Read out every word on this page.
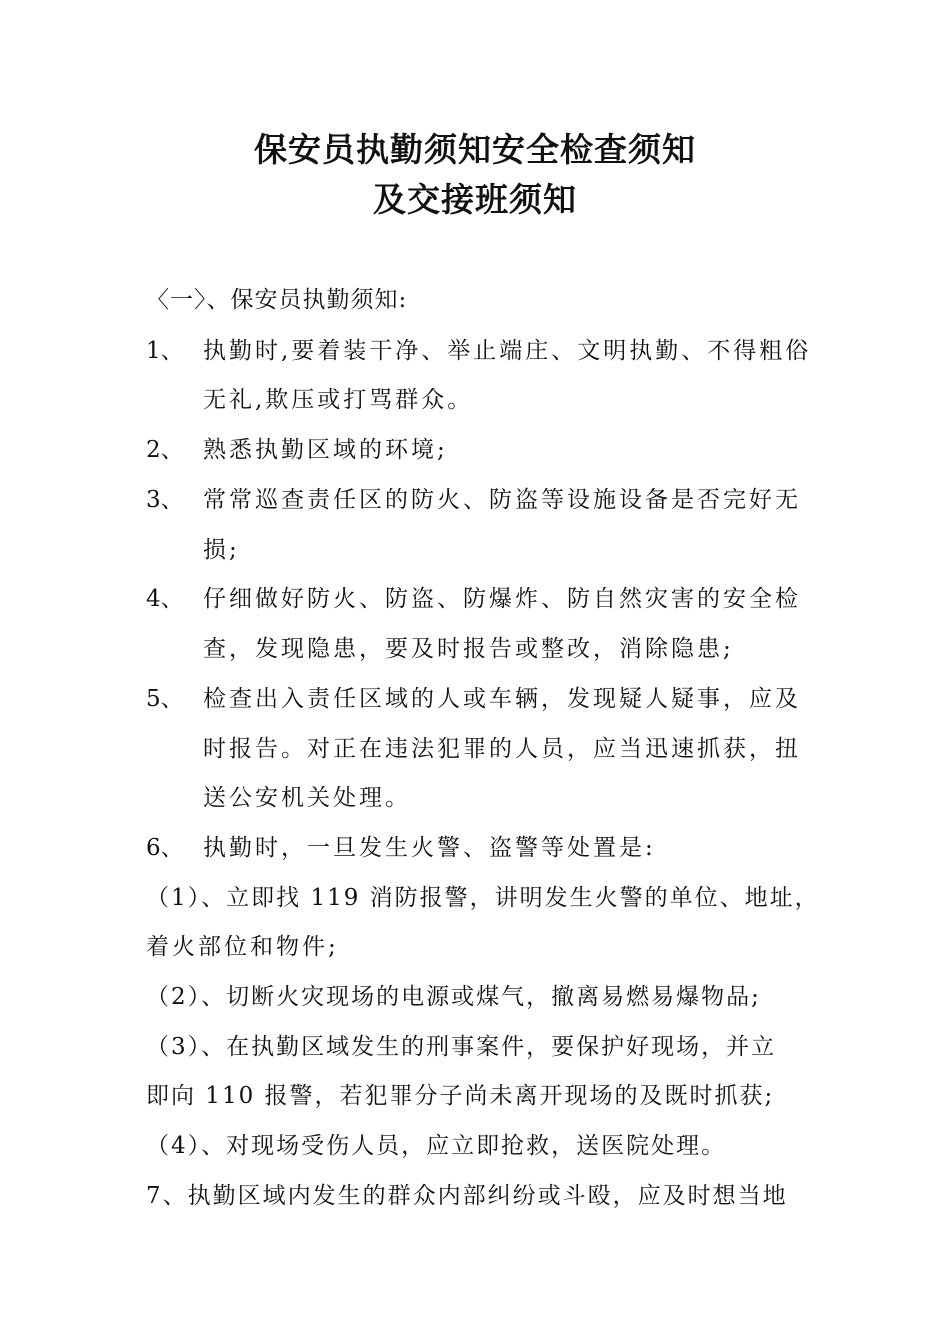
保安员执勤须知安全检查须知
及交接班须知
〈一〉、保安员执勤须知:
1、 执勤时,要着装干净、举止端庄、文明执勤、不得粗俗
无礼,欺压或打骂群众。
2、 熟悉执勤区域的环境;
3、 常常巡查责任区的防火、防盗等设施设备是否完好无
损;
4、 仔细做好防火、防盗、防爆炸、防自然灾害的安全检
查，发现隐患，要及时报告或整改，消除隐患;
5、 检查出入责任区域的人或车辆，发现疑人疑事，应及
时报告。对正在违法犯罪的人员，应当迅速抓获，扭
送公安机关处理。
6、 执勤时，一旦发生火警、盗警等处置是:
（1）、立即找 119 消防报警，讲明发生火警的单位、地址，
着火部位和物件;
（2）、切断火灾现场的电源或煤气，撤离易燃易爆物品;
（3）、在执勤区域发生的刑事案件，要保护好现场，并立
即向 110 报警，若犯罪分子尚未离开现场的及既时抓获;
（4）、对现场受伤人员，应立即抢救，送医院处理。
7、执勤区域内发生的群众内部纠纷或斗殴，应及时想当地
